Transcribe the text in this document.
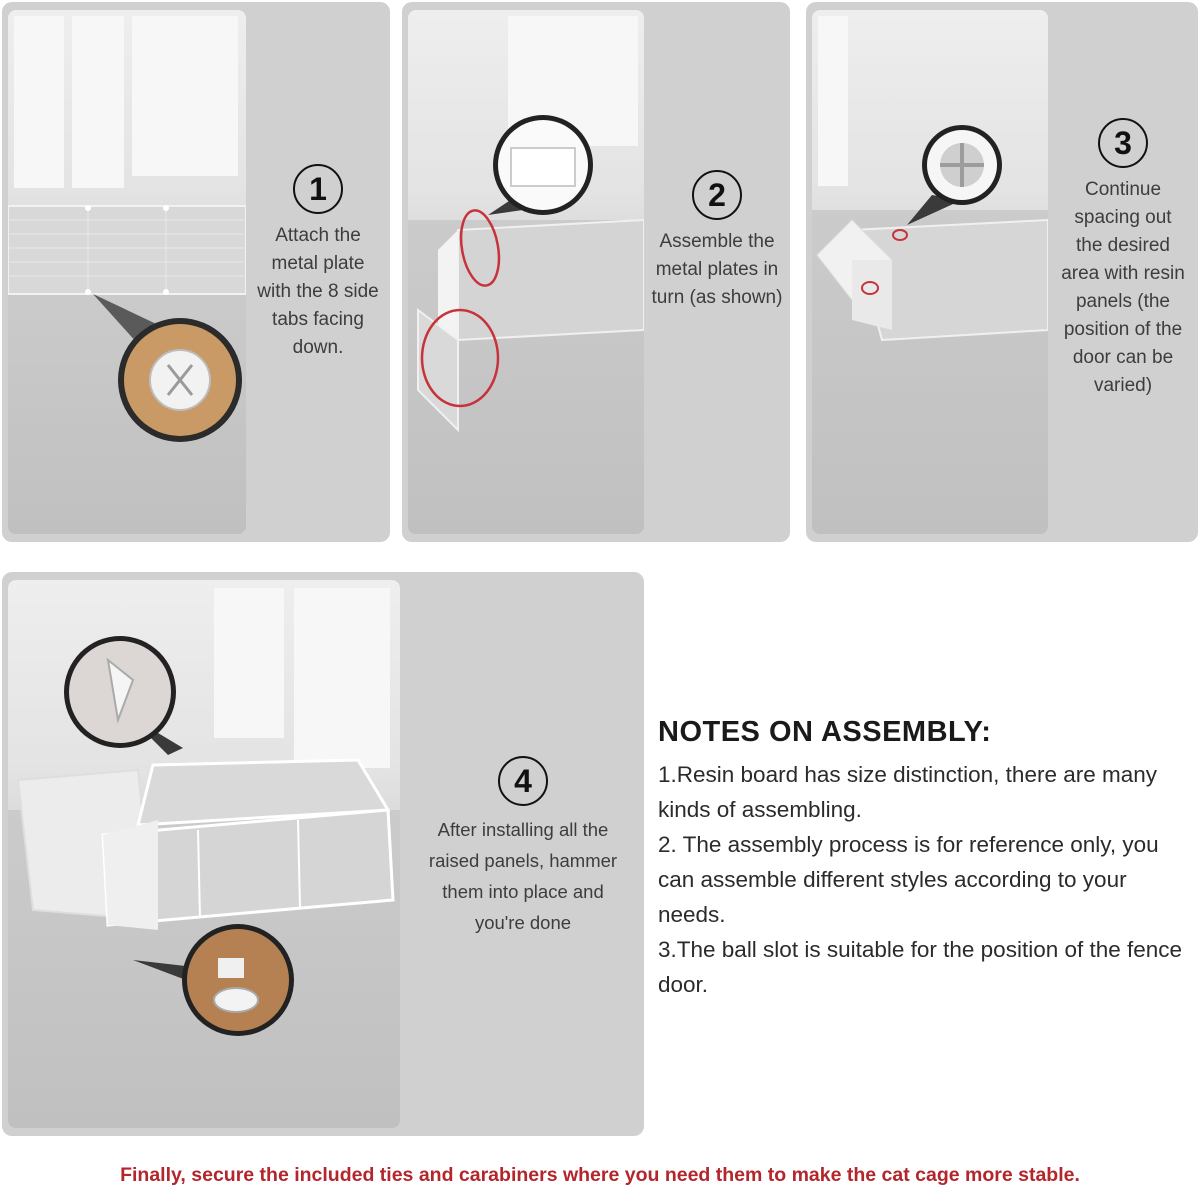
1
Attach the metal plate with the 8 side tabs facing down.
2
Assemble the metal plates in turn (as shown)
3
Continue spacing out the desired area with resin panels (the position of the door can be varied)
4
After installing all the raised panels, hammer them into place and you're done
NOTES ON ASSEMBLY:

1.Resin board has size distinction, there are many kinds of assembling.

2. The assembly process is for reference only, you can assemble different styles according to your needs.

3.The ball slot is suitable for the position of the fence door.

Finally, secure the included ties and carabiners where you need them to make the cat cage more stable.
